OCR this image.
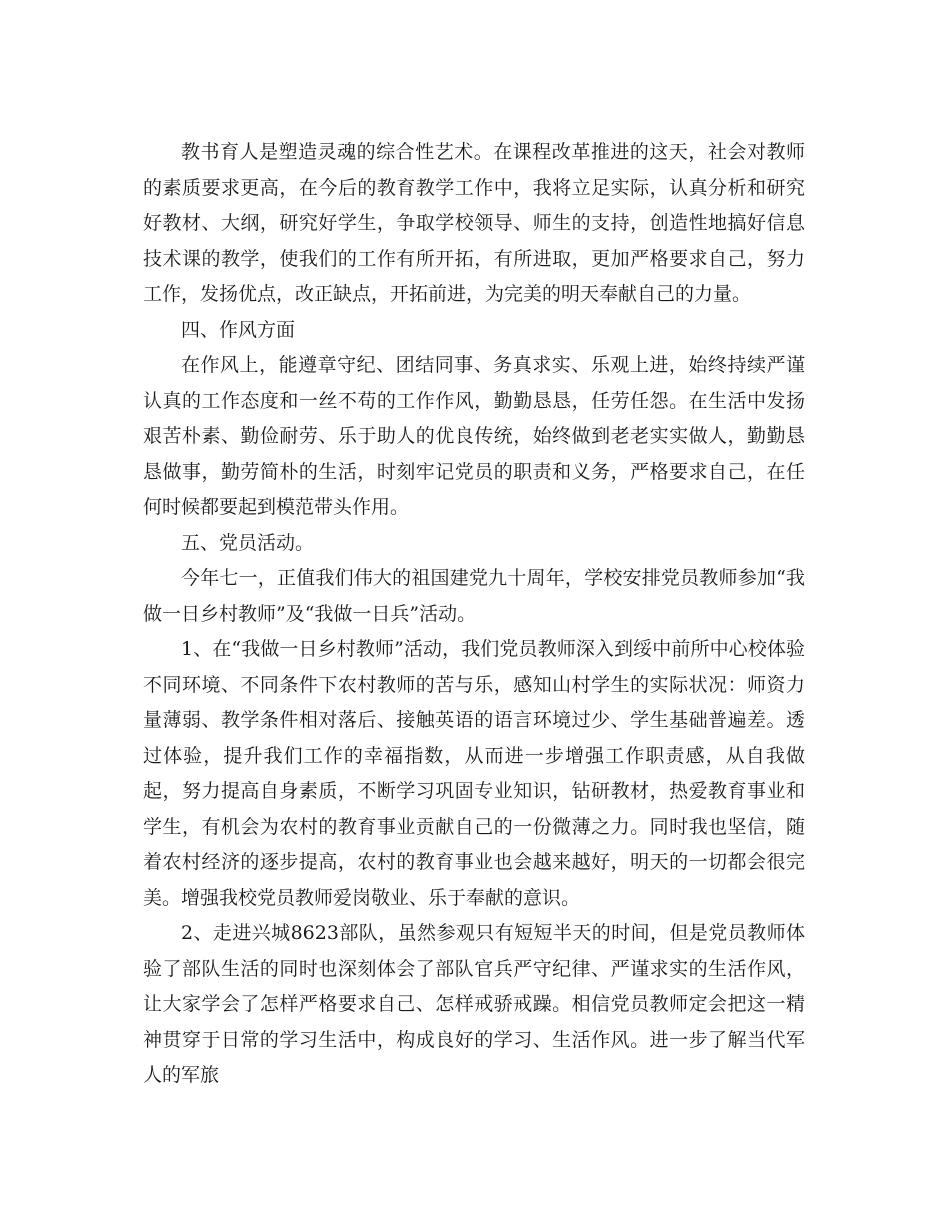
教书育人是塑造灵魂的综合性艺术。在课程改革推进的这天，社会对教师的素质要求更高，在今后的教育教学工作中，我将立足实际，认真分析和研究好教材、大纲，研究好学生，争取学校领导、师生的支持，创造性地搞好信息技术课的教学，使我们的工作有所开拓，有所进取，更加严格要求自己，努力工作，发扬优点，改正缺点，开拓前进，为完美的明天奉献自己的力量。

四、作风方面

在作风上，能遵章守纪、团结同事、务真求实、乐观上进，始终持续严谨认真的工作态度和一丝不苟的工作作风，勤勤恳恳，任劳任怨。在生活中发扬艰苦朴素、勤俭耐劳、乐于助人的优良传统，始终做到老老实实做人，勤勤恳恳做事，勤劳简朴的生活，时刻牢记党员的职责和义务，严格要求自己，在任何时候都要起到模范带头作用。

五、党员活动。

今年七一，正值我们伟大的祖国建党九十周年，学校安排党员教师参加“我做一日乡村教师”及“我做一日兵”活动。

1、在“我做一日乡村教师”活动，我们党员教师深入到绥中前所中心校体验不同环境、不同条件下农村教师的苦与乐，感知山村学生的实际状况：师资力量薄弱、教学条件相对落后、接触英语的语言环境过少、学生基础普遍差。透过体验，提升我们工作的幸福指数，从而进一步增强工作职责感，从自我做起，努力提高自身素质，不断学习巩固专业知识，钻研教材，热爱教育事业和学生，有机会为农村的教育事业贡献自己的一份微薄之力。同时我也坚信，随着农村经济的逐步提高，农村的教育事业也会越来越好，明天的一切都会很完美。增强我校党员教师爱岗敬业、乐于奉献的意识。

2、走进兴城8623部队，虽然参观只有短短半天的时间，但是党员教师体验了部队生活的同时也深刻体会了部队官兵严守纪律、严谨求实的生活作风，让大家学会了怎样严格要求自己、怎样戒骄戒躁。相信党员教师定会把这一精神贯穿于日常的学习生活中，构成良好的学习、生活作风。进一步了解当代军人的军旅
